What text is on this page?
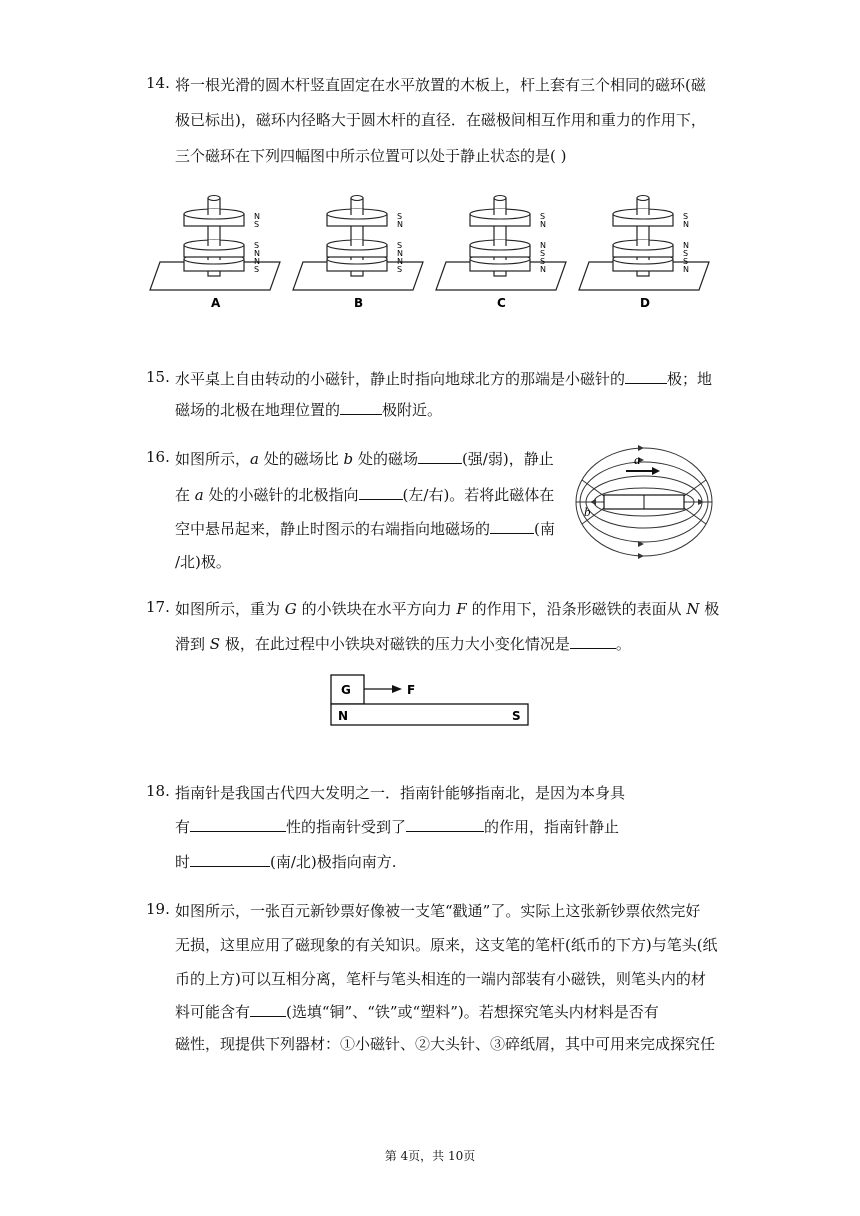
14. 将一根光滑的圆木杆竖直固定在水平放置的木板上，杆上套有三个相同的磁环(磁
极已标出)，磁环内径略大于圆木杆的直径．在磁极间相互作用和重力的作用下，
三个磁环在下列四幅图中所示位置可以处于静止状态的是( )
N
S
S
N
N
S
A
S
N
S
N
N
S
B
S
N
N
S
S
N
C
S
N
N
S
S
N
D
15. 水平桌上自由转动的小磁针，静止时指向地球北方的那端是小磁针的	极；地
磁场的北极在地理位置的	极附近。
16. 如图所示，a 处的磁场比 b 处的磁场	(强/弱)，静止
在 a 处的小磁针的北极指向	(左/右)。若将此磁体在
空中悬吊起来，静止时图示的右端指向地磁场的	(南
/北)极。
a
b
17. 如图所示，重为 G 的小铁块在水平方向力 F 的作用下，沿条形磁铁的表面从 N 极
滑到 S 极，在此过程中小铁块对磁铁的压力大小变化情况是	。
G	F
N	S
18. 指南针是我国古代四大发明之一．指南针能够指南北，是因为本身具
有	性的指南针受到了	的作用，指南针静止
时	(南/北)极指向南方.
19. 如图所示，一张百元新钞票好像被一支笔“戳通”了。实际上这张新钞票依然完好
无损，这里应用了磁现象的有关知识。原来，这支笔的笔杆(纸币的下方)与笔头(纸
币的上方)可以互相分离，笔杆与笔头相连的一端内部装有小磁铁，则笔头内的材
料可能含有 (选填“铜”、“铁”或“塑料”)。若想探究笔头内材料是否有
磁性，现提供下列器材：①小磁针、②大头针、③碎纸屑，其中可用来完成探究任
第 4页，共 10页
